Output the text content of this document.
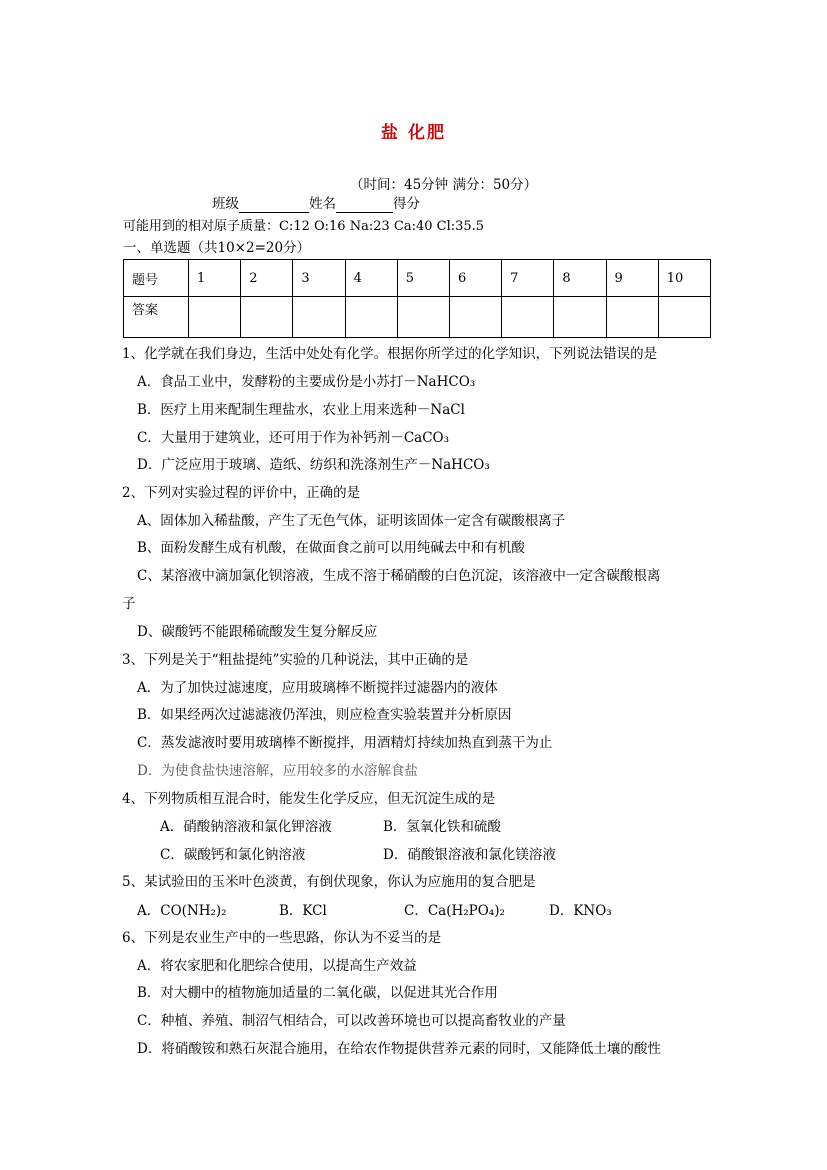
盐 化肥
（时间：45分钟 满分：50分）
班级	姓名	得分
可能用到的相对原子质量：C:12 O:16 Na:23 Ca:40 Cl:35.5
一、单选题（共10×2=20分）
题号	1	2	3	4	5	6	7	8	9	10
答案										
1、化学就在我们身边，生活中处处有化学。根据你所学过的化学知识，下列说法错误的是
A．食品工业中，发酵粉的主要成份是小苏打－NaHCO₃
B．医疗上用来配制生理盐水，农业上用来选种－NaCl
C．大量用于建筑业，还可用于作为补钙剂－CaCO₃
D．广泛应用于玻璃、造纸、纺织和洗涤剂生产－NaHCO₃
2、下列对实验过程的评价中，正确的是
A、固体加入稀盐酸，产生了无色气体，证明该固体一定含有碳酸根离子
B、面粉发酵生成有机酸，在做面食之前可以用纯碱去中和有机酸
C、某溶液中滴加氯化钡溶液，生成不溶于稀硝酸的白色沉淀，该溶液中一定含碳酸根离
子
D、碳酸钙不能跟稀硫酸发生复分解反应
3、下列是关于“粗盐提纯”实验的几种说法，其中正确的是
A．为了加快过滤速度，应用玻璃棒不断搅拌过滤器内的液体
B．如果经两次过滤滤液仍浑浊，则应检查实验装置并分析原因
C．蒸发滤液时要用玻璃棒不断搅拌，用酒精灯持续加热直到蒸干为止
D．为使食盐快速溶解，应用较多的水溶解食盐
4、下列物质相互混合时，能发生化学反应，但无沉淀生成的是
A．硝酸钠溶液和氯化钾溶液	B．氢氧化铁和硫酸
C．碳酸钙和氯化钠溶液	D．硝酸银溶液和氯化镁溶液
5、某试验田的玉米叶色淡黄，有倒伏现象，你认为应施用的复合肥是
A．CO(NH₂)₂	B．KCl	C．Ca(H₂PO₄)₂	D．KNO₃
6、下列是农业生产中的一些思路，你认为不妥当的是
A．将农家肥和化肥综合使用，以提高生产效益
B．对大棚中的植物施加适量的二氧化碳，以促进其光合作用
C．种植、养殖、制沼气相结合，可以改善环境也可以提高畜牧业的产量
D．将硝酸铵和熟石灰混合施用，在给农作物提供营养元素的同时，又能降低土壤的酸性
